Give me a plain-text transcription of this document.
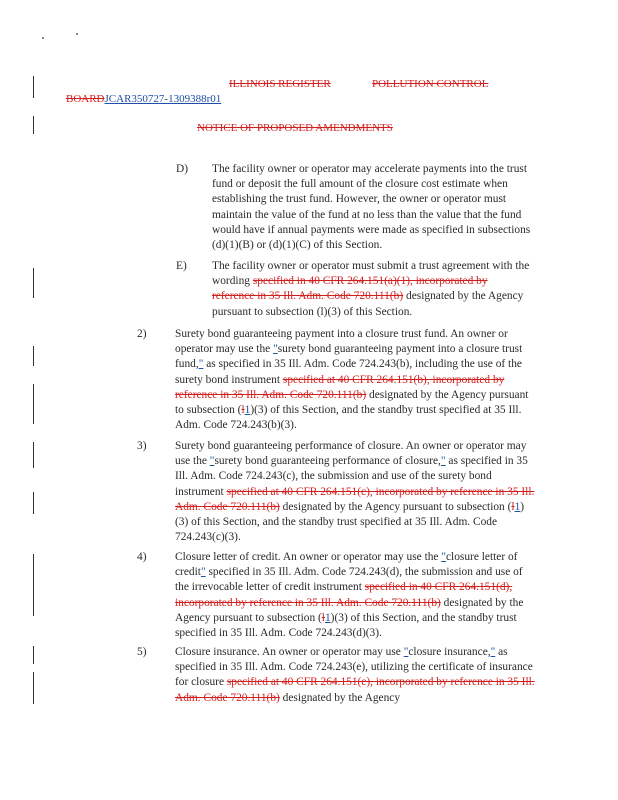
ILLINOIS REGISTER	POLLUTION CONTROL
BOARDJCAR350727-1309388r01
NOTICE OF PROPOSED AMENDMENTS
D) The facility owner or operator may accelerate payments into the trust fund or deposit the full amount of the closure cost estimate when establishing the trust fund. However, the owner or operator must maintain the value of the fund at no less than the value that the fund would have if annual payments were made as specified in subsections (d)(1)(B) or (d)(1)(C) of this Section.
E) The facility owner or operator must submit a trust agreement with the wording specified in 40 CFR 264.151(a)(1), incorporated by reference in 35 Ill. Adm. Code 720.111(b) designated by the Agency pursuant to subsection (l)(3) of this Section.
2)	Surety bond guaranteeing payment into a closure trust fund. An owner or operator may use the "surety bond guaranteeing payment into a closure trust fund," as specified in 35 Ill. Adm. Code 724.243(b), including the use of the surety bond instrument specified at 40 CFR 264.151(b), incorporated by reference in 35 Ill. Adm. Code 720.111(b) designated by the Agency pursuant to subsection (l1)(3) of this Section, and the standby trust specified at 35 Ill. Adm. Code 724.243(b)(3).
3)	Surety bond guaranteeing performance of closure. An owner or operator may use the "surety bond guaranteeing performance of closure," as specified in 35 Ill. Adm. Code 724.243(c), the submission and use of the surety bond instrument specified at 40 CFR 264.151(c), incorporated by reference in 35 Ill. Adm. Code 720.111(b) designated by the Agency pursuant to subsection (l1)(3) of this Section, and the standby trust specified at 35 Ill. Adm. Code 724.243(c)(3).
4)	Closure letter of credit. An owner or operator may use the "closure letter of credit" specified in 35 Ill. Adm. Code 724.243(d), the submission and use of the irrevocable letter of credit instrument specified in 40 CFR 264.151(d), incorporated by reference in 35 Ill. Adm. Code 720.111(b) designated by the Agency pursuant to subsection (l1)(3) of this Section, and the standby trust specified in 35 Ill. Adm. Code 724.243(d)(3).
5)	Closure insurance. An owner or operator may use "closure insurance," as specified in 35 Ill. Adm. Code 724.243(e), utilizing the certificate of insurance for closure specified at 40 CFR 264.151(e), incorporated by reference in 35 Ill. Adm. Code 720.111(b) designated by the Agency
